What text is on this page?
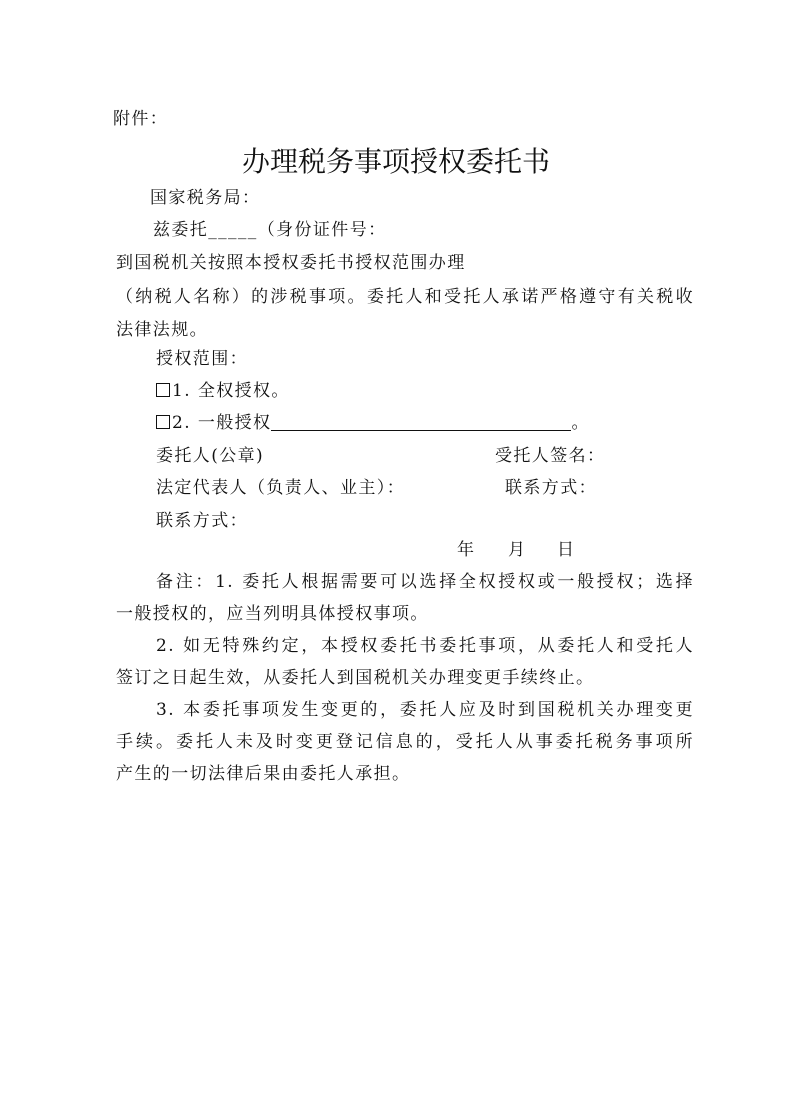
附件：
办理税务事项授权委托书
国家税务局：
兹委托_____（身份证件号：
到国税机关按照本授权委托书授权范围办理
（纳税人名称）的涉税事项。委托人和受托人承诺严格遵守有关税收
法律法规。
授权范围：
1. 全权授权。
2. 一般授权	。
委托人(公章)	受托人签名：
法定代表人（负责人、业主）：	联系方式：
联系方式：
年 月 日
备注：1. 委托人根据需要可以选择全权授权或一般授权；选择
一般授权的，应当列明具体授权事项。
2. 如无特殊约定，本授权委托书委托事项，从委托人和受托人
签订之日起生效，从委托人到国税机关办理变更手续终止。
3. 本委托事项发生变更的，委托人应及时到国税机关办理变更
手续。委托人未及时变更登记信息的，受托人从事委托税务事项所
产生的一切法律后果由委托人承担。
